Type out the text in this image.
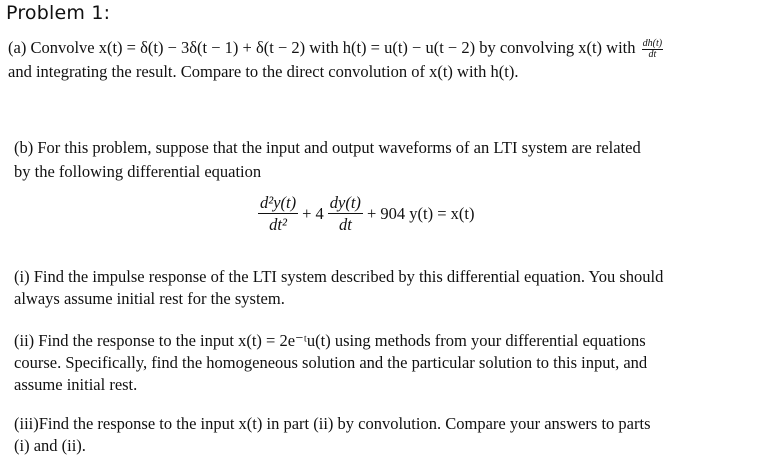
Problem 1:
(a) Convolve x(t) = δ(t) − 3δ(t − 1) + δ(t − 2) with h(t) = u(t) − u(t − 2) by convolving x(t) with $\frac{dh(t)}{dt}$
and integrating the result. Compare to the direct convolution of x(t) with h(t).
(b) For this problem, suppose that the input and output waveforms of an LTI system are related
by the following differential equation
$\frac{\text{d²y(t)}}{\text{dt²}} + 4 \frac{dy(t)}{dt} + 904$ y(t) = x(t)
(i) Find the impulse response of the LTI system described by this differential equation. You should
always assume initial rest for the system.
(ii) Find the response to the input x(t) = 2e⁻ᵗu(t) using methods from your differential equations
course. Specifically, find the homogeneous solution and the particular solution to this input, and
assume initial rest.
(iii)Find the response to the input x(t) in part (ii) by convolution. Compare your answers to parts
(i) and (ii).
